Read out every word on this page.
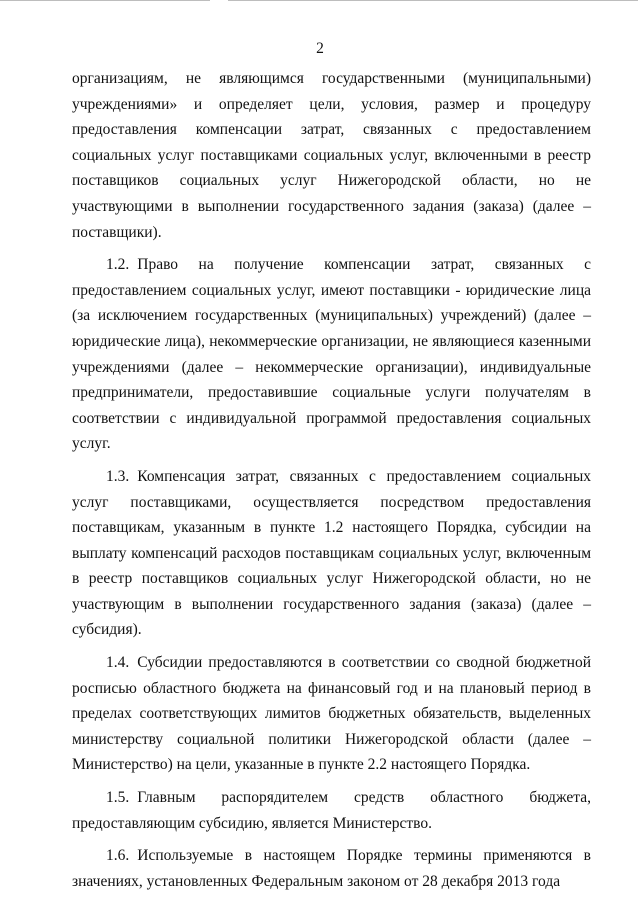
2

организациям, не являющимся государственными (муниципальными) учреждениями» и определяет цели, условия, размер и процедуру предоставления компенсации затрат, связанных с предоставлением социальных услуг поставщиками социальных услуг, включенными в реестр поставщиков социальных услуг Нижегородской области, но не участвующими в выполнении государственного задания (заказа) (далее – поставщики).

1.2. Право на получение компенсации затрат, связанных с предоставлением социальных услуг, имеют поставщики - юридические лица (за исключением государственных (муниципальных) учреждений) (далее – юридические лица), некоммерческие организации, не являющиеся казенными учреждениями (далее – некоммерческие организации), индивидуальные предприниматели, предоставившие социальные услуги получателям в соответствии с индивидуальной программой предоставления социальных услуг.

1.3. Компенсация затрат, связанных с предоставлением социальных услуг поставщиками, осуществляется посредством предоставления поставщикам, указанным в пункте 1.2 настоящего Порядка, субсидии на выплату компенсаций расходов поставщикам социальных услуг, включенным в реестр поставщиков социальных услуг Нижегородской области, но не участвующим в выполнении государственного задания (заказа) (далее – субсидия).

1.4. Субсидии предоставляются в соответствии со сводной бюджетной росписью областного бюджета на финансовый год и на плановый период в пределах соответствующих лимитов бюджетных обязательств, выделенных министерству социальной политики Нижегородской области (далее – Министерство) на цели, указанные в пункте 2.2 настоящего Порядка.

1.5. Главным распорядителем средств областного бюджета, предоставляющим субсидию, является Министерство.

1.6. Используемые в настоящем Порядке термины применяются в значениях, установленных Федеральным законом от 28 декабря 2013 года
